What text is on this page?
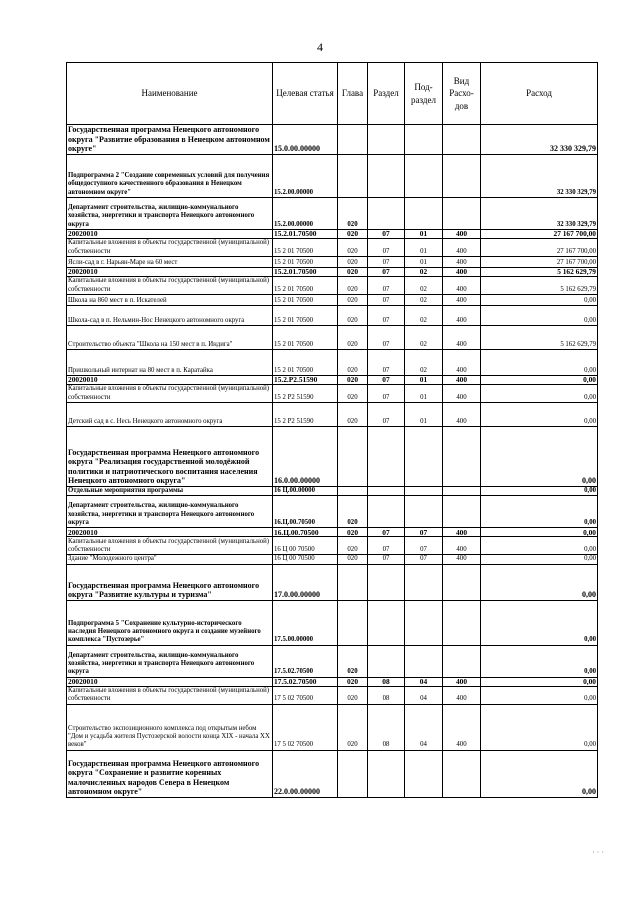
4
Наименование	Целевая статья	Глава	Раздел	Под-раздел	Вид Расхо-дов	Расход
Государственная программа Ненецкого автономного округа "Развитие образования в Ненецком автономном округе"	15.0.00.00000					32 330 329,79
Подпрограмма 2 "Создание современных условий для получения общедоступного качественного образования в Ненецком автономном округе"	15.2.00.00000					32 330 329,79
Департамент строительства, жилищно-коммунального хозяйства, энергетики и транспорта Ненецкого автономного округа	15.2.00.00000	020				32 330 329,79
20020010	15.2.01.70500	020	07	01	400	27 167 700,00
Капитальные вложения в объекты государственной (муниципальной) собственности	15 2 01 70500	020	07	01	400	27 167 700,00
Ясли-сад в г. Нарьян-Маре на 60 мест	15 2 01 70500	020	07	01	400	27 167 700,00
20020010	15.2.01.70500	020	07	02	400	5 162 629,79
Капитальные вложения в объекты государственной (муниципальной) собственности	15 2 01 70500	020	07	02	400	5 162 629,79
Школа на 860 мест в п. Искателей	15 2 01 70500	020	07	02	400	0,00
Школа-сад в п. Нельмин-Нос Ненецкого автономного округа	15 2 01 70500	020	07	02	400	0,00
Строительство объекта "Школа на 150 мест в п. Индига"	15 2 01 70500	020	07	02	400	5 162 629,79
Пришкольный интернат на 80 мест в п. Каратайка	15 2 01 70500	020	07	02	400	0,00
20020010	15.2.P2.51590	020	07	01	400	0,00
Капитальные вложения в объекты государственной (муниципальной) собственности	15 2 P2 51590	020	07	01	400	0,00
Детский сад в с. Несь Ненецкого автономного округа	15 2 P2 51590	020	07	01	400	0,00
Государственная программа Ненецкого автономного округа "Реализация государственной молодёжной политики и патриотического воспитания населения Ненецкого автономного округа"	16.0.00.00000					0,00
Отдельные мероприятия программы	16 Ц.00.00000					0,00
Департамент строительства, жилищно-коммунального хозяйства, энергетики и транспорта Ненецкого автономного округа	16.Ц.00.70500	020				0,00
20020010	16.Ц.00.70500	020	07	07	400	0,00
Капитальные вложения в объекты государственной (муниципальной) собственности	16 Ц 00 70500	020	07	07	400	0,00
Здание "Молодежного центра"	16 Ц 00 70500	020	07	07	400	0,00
Государственная программа Ненецкого автономного округа "Развитие культуры и туризма"	17.0.00.00000					0,00
Подпрограмма 5 "Сохранение культурно-исторического наследия Ненецкого автономного округа и создание музейного комплекса "Пустозерье"	17.5.00.00000					0,00
Департамент строительства, жилищно-коммунального хозяйства, энергетики и транспорта Ненецкого автономного округа	17.5.02.70500	020				0,00
20020010	17.5.02.70500	020	08	04	400	0,00
Капитальные вложения в объекты государственной (муниципальной) собственности	17 5 02 70500	020	08	04	400	0,00
Строительство экспозиционного комплекса под открытым небом "Дом и усадьба жителя Пустозерской волости конца XIX - начала XX веков"	17 5 02 70500	020	08	04	400	0,00
Государственная программа Ненецкого автономного округа "Сохранение и развитие коренных малочисленных народов Севера в Ненецком автономном округе"	22.0.00.00000					0,00
· · ·
